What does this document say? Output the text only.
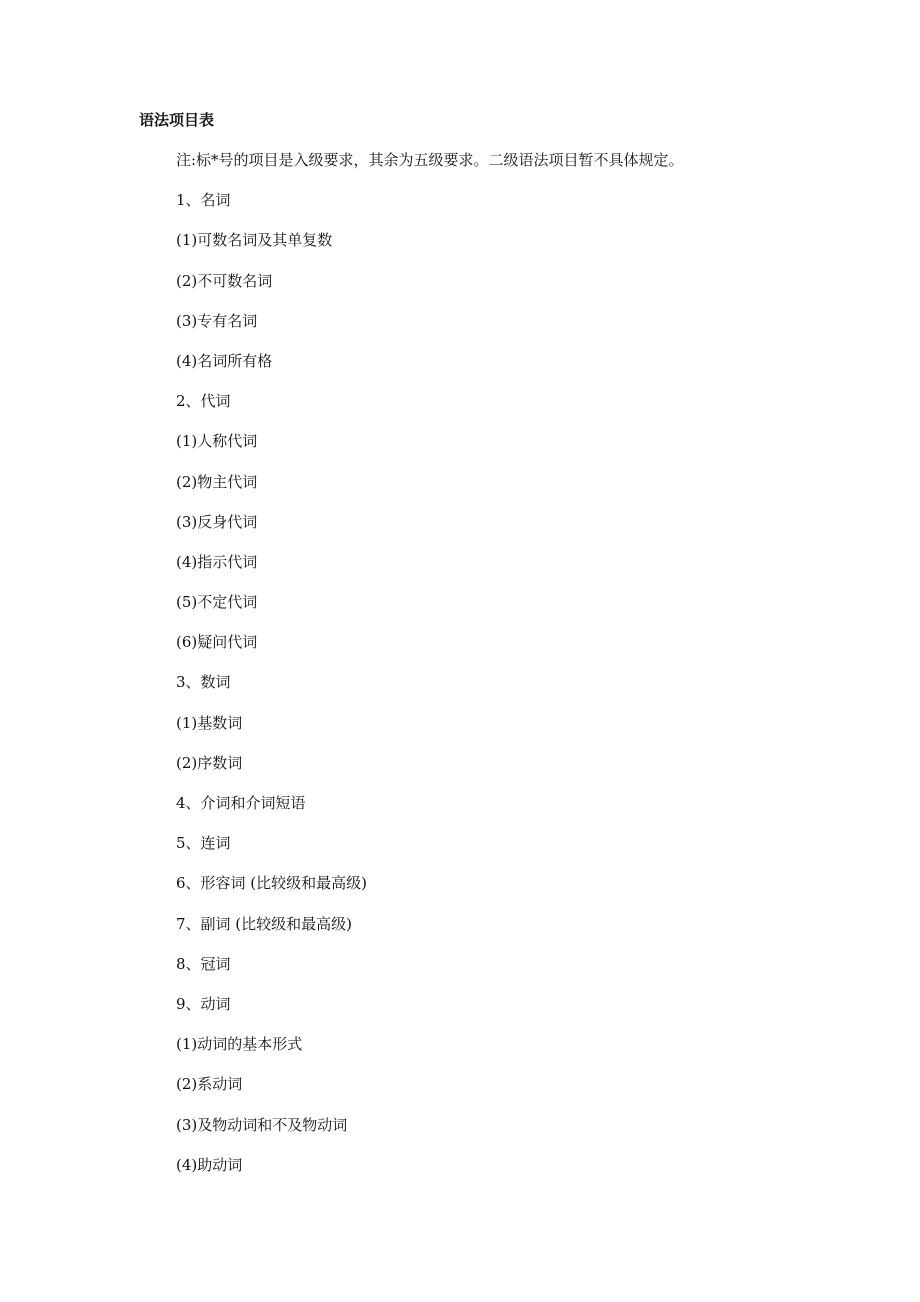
语法项目表
注:标*号的项目是入级要求，其余为五级要求。二级语法项目暂不具体规定。
1、名词
(1)可数名词及其单复数
(2)不可数名词
(3)专有名词
(4)名词所有格
2、代词
(1)人称代词
(2)物主代词
(3)反身代词
(4)指示代词
(5)不定代词
(6)疑问代词
3、数词
(1)基数词
(2)序数词
4、介词和介词短语
5、连词
6、形容词 (比较级和最高级)
7、副词 (比较级和最高级)
8、冠词
9、动词
(1)动词的基本形式
(2)系动词
(3)及物动词和不及物动词
(4)助动词
